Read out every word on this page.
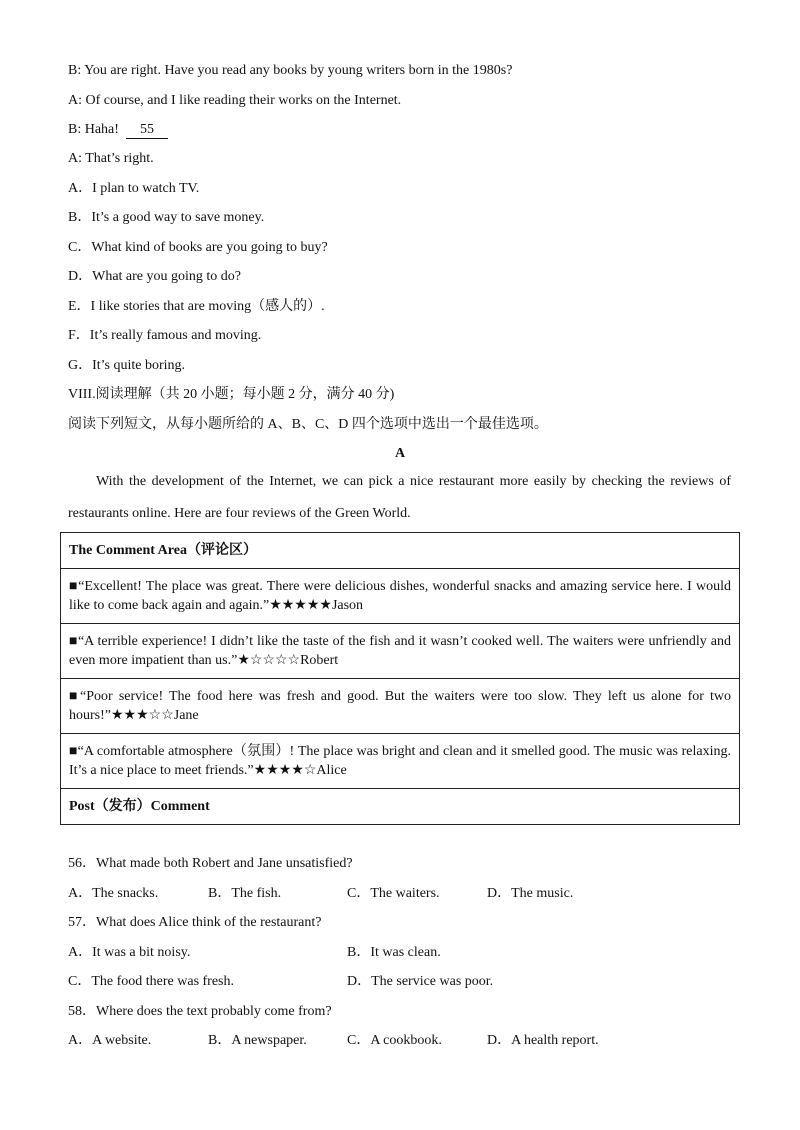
B: You are right. Have you read any books by young writers born in the 1980s?
A: Of course, and I like reading their works on the Internet.
B: Haha! 55
A: That’s right.
A．I plan to watch TV.
B．It’s a good way to save money.
C．What kind of books are you going to buy?
D．What are you going to do?
E．I like stories that are moving（感人的）.
F．It’s really famous and moving.
G．It’s quite boring.
VIII.阅读理解（共 20 小题；每小题 2 分，满分 40 分)
阅读下列短文，从每小题所给的 A、B、C、D 四个选项中选出一个最佳选项。
A
With the development of the Internet, we can pick a nice restaurant more easily by checking the reviews of restaurants online. Here are four reviews of the Green World.
The Comment Area（评论区）
■“Excellent! The place was great. There were delicious dishes, wonderful snacks and amazing service here. I would like to come back again and again.”★★★★★Jason
■“A terrible experience! I didn’t like the taste of the fish and it wasn’t cooked well. The waiters were unfriendly and even more impatient than us.”★☆☆☆☆Robert
■“Poor service! The food here was fresh and good. But the waiters were too slow. They left us alone for two hours!”★★★☆☆Jane
■“A comfortable atmosphere（氛围）! The place was bright and clean and it smelled good. The music was relaxing. It’s a nice place to meet friends.”★★★★☆Alice
Post（发布）Comment
56．What made both Robert and Jane unsatisfied?
A．The snacks.	B．The fish.	C．The waiters.	D．The music.
57．What does Alice think of the restaurant?
A．It was a bit noisy.	B．It was clean.
C．The food there was fresh.	D．The service was poor.
58．Where does the text probably come from?
A．A website.	B．A newspaper.	C．A cookbook.	D．A health report.
